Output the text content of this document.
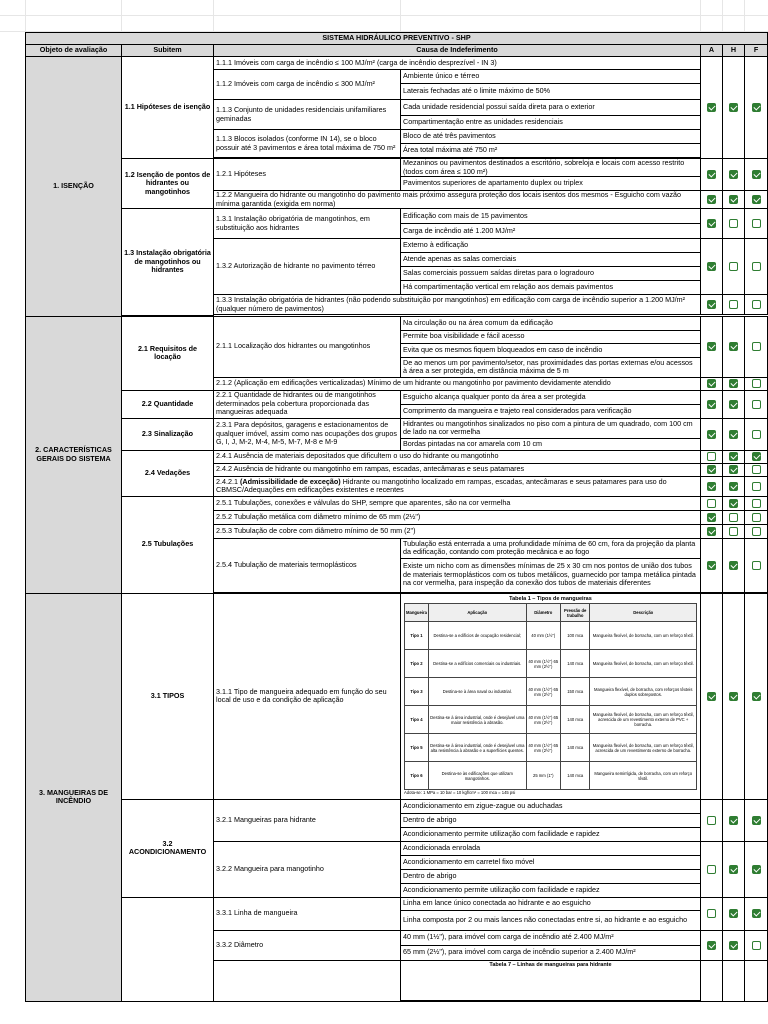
SISTEMA HIDRÁULICO PREVENTIVO - SHP
Objeto de avaliação	Subitem	Causa de Indeferimento	A	H	F
1. ISENÇÃO	1.1 Hipóteses de isenção	1.1.1 Imóveis com carga de incêndio ≤ 100 MJ/m² (carga de incêndio desprezível - IN 3)			
1.1.2 Imóveis com carga de incêndio ≤ 300 MJ/m²	Ambiente único e térreo
Laterais fechadas até o limite máximo de 50%
1.1.3 Conjunto de unidades residenciais unifamiliares geminadas	Cada unidade residencial possui saída direta para o exterior
Compartimentação entre as unidades residenciais
1.1.3 Blocos isolados (conforme IN 14), se o bloco possuir até 3 pavimentos e área total máxima de 750 m²	Bloco de até três pavimentos
Área total máxima até 750 m²

1.2 Isenção de pontos de hidrantes ou mangotinhos	1.2.1 Hipóteses	Mezaninos ou pavimentos destinados a escritório, sobreloja e locais com acesso restrito (todos com área ≤ 100 m²)			
Pavimentos superiores de apartamento duplex ou triplex
1.2.2 Mangueira do hidrante ou mangotinho do pavimento mais próximo assegura proteção dos locais isentos dos mesmos - Esguicho com vazão mínima garantida (exigida em norma)			
1.3 Instalação obrigatória de mangotinhos ou hidrantes	1.3.1 Instalação obrigatória de mangotinhos, em substituição aos hidrantes	Edificação com mais de 15 pavimentos			
Carga de incêndio até 1.200 MJ/m²
1.3.2 Autorização de hidrante no pavimento térreo	Externo à edificação			
Atende apenas as salas comerciais
Salas comerciais possuem saídas diretas para o logradouro
Há compartimentação vertical em relação aos demais pavimentos
1.3.3 Instalação obrigatória de hidrantes (não podendo substituição por mangotinhos) em edificação com carga de incêndio superior a 1.200 MJ/m² (qualquer número de pavimentos)			

2. CARACTERÍSTICAS GERAIS DO SISTEMA	2.1 Requisitos de locação	2.1.1 Localização dos hidrantes ou mangotinhos	Na circulação ou na área comum da edificação			
Permite boa visibilidade e fácil acesso
Evita que os mesmos fiquem bloqueados em caso de incêndio
De ao menos um por pavimento/setor, nas proximidades das portas externas e/ou acessos à área a ser protegida, em distância máxima de 5 m
2.1.2 (Aplicação em edificações verticalizadas) Mínimo de um hidrante ou mangotinho por pavimento devidamente atendido			
2.2 Quantidade	2.2.1 Quantidade de hidrantes ou de mangotinhos determinados pela cobertura proporcionada das mangueiras adequada	Esguicho alcança qualquer ponto da área a ser protegida			
Comprimento da mangueira e trajeto real considerados para verificação
2.3 Sinalização	2.3.1 Para depósitos, garagens e estacionamentos de qualquer imóvel, assim como nas ocupações dos grupos G, I, J, M-2, M-4, M-5, M-7, M-8 e M-9	Hidrantes ou mangotinhos sinalizados no piso com a pintura de um quadrado, com 100 cm de lado na cor vermelha			
Bordas pintadas na cor amarela com 10 cm
2.4 Vedações	2.4.1 Ausência de materiais depositados que dificultem o uso do hidrante ou mangotinho			
2.4.2 Ausência de hidrante ou mangotinho em rampas, escadas, antecâmaras e seus patamares			
2.4.2.1 (Admissibilidade de exceção) Hidrante ou mangotinho localizado em rampas, escadas, antecâmaras e seus patamares para uso do CBMSC/Adequações em edificações existentes e recentes			
2.5 Tubulações	2.5.1 Tubulações, conexões e válvulas do SHP, sempre que aparentes, são na cor vermelha			
2.5.2 Tubulação metálica com diâmetro mínimo de 65 mm (2½")			
2.5.3 Tubulação de cobre com diâmetro mínimo de 50 mm (2")			
2.5.4 Tubulação de materiais termoplásticos	Tubulação está enterrada a uma profundidade mínima de 60 cm, fora da projeção da planta da edificação, contando com proteção mecânica e ao fogo			
Existe um nicho com as dimensões mínimas de 25 x 30 cm nos pontos de união dos tubos de materiais termoplásticos com os tubos metálicos, guarnecido por tampa metálica pintada na cor vermelha, para inspeção da conexão dos tubos de materiais diferentes

3. MANGUEIRAS DE INCÊNDIO	3.1 TIPOS	3.1.1 Tipo de mangueira adequado em função do seu local de uso e da condição de aplicação	
Tabela 1 – Tipos de mangueiras
Mangueira	Aplicação	Diâmetro	Pressão de trabalho	Descrição
Tipo 1	Destina-se a edifícios de ocupação residencial;	40 mm (1½")	100 mca	Mangueira flexível, de borracha, com um reforço têxtil.
Tipo 2	Destina-se a edifícios comerciais ou industriais.	40 mm (1½") 65 mm (2½")	140 mca	Mangueira flexível, de borracha, com um reforço têxtil.
Tipo 3	Destina-se à área naval ou industrial.	40 mm (1½") 65 mm (2½")	150 mca	Mangueira flexível, de borracha, com reforços têxteis duplos sobrepostos.
Tipo 4	Destina-se à área industrial, onde é desejável uma maior resistência à abrasão.	40 mm (1½") 65 mm (2½")	140 mca	Mangueira flexível, de borracha, com um reforço têxtil, acrescida de um revestimento externo de PVC + borracha.
Tipo 5	Destina-se à área industrial, onde é desejável uma alta resistência à abrasão e a superfícies quentes.	40 mm (1½") 65 mm (2½")	140 mca	Mangueira flexível, de borracha, com um reforço têxtil, acrescida de um revestimento externo de borracha.
Tipo 6	Destina-se às edificações que utilizam mangotinhos.	25 mm (1")	140 mca	Mangueira semirrígida, de borracha, com um reforço têxtil.
Adota-se: 1 MPa = 10 bar = 10 kgf/cm² = 100 mca = 145 psi

3.2 ACONDICIONAMENTO	3.2.1 Mangueiras para hidrante	Acondicionamento em zigue-zague ou aduchadas			
Dentro de abrigo
Acondicionamento permite utilização com facilidade e rapidez
3.2.2 Mangueira para mangotinho	Acondicionada enrolada			
Acondicionamento em carretel fixo móvel
Dentro de abrigo
Acondicionamento permite utilização com facilidade e rapidez
	3.3.1 Linha de mangueira	Linha em lance único conectada ao hidrante e ao esguicho			
Linha composta por 2 ou mais lances não conectadas entre si, ao hidrante e ao esguicho
3.3.2 Diâmetro	40 mm (1½"), para imóvel com carga de incêndio até 2.400 MJ/m²			
65 mm (2½"), para imóvel com carga de incêndio superior a 2.400 MJ/m²

Tabela 7 – Linhas de mangueiras para hidrante
